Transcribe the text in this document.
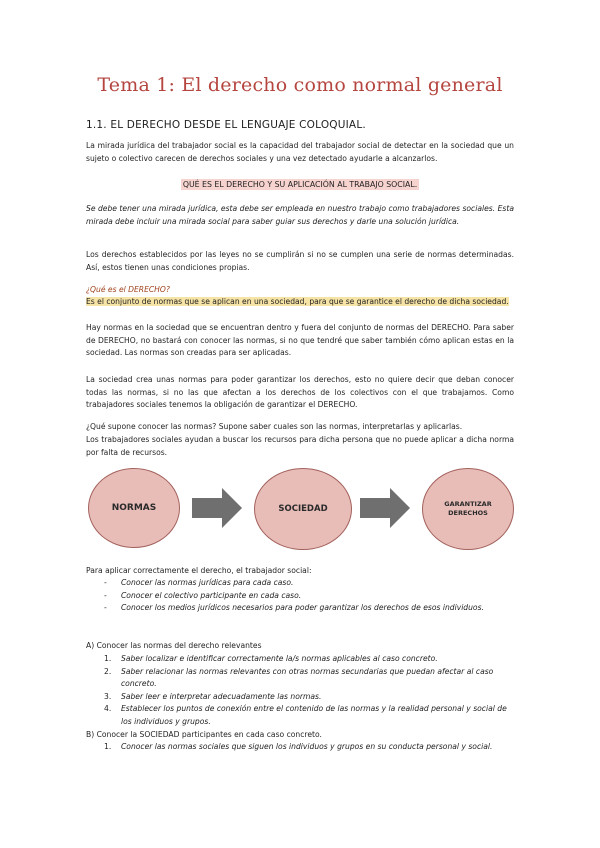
Tema 1: El derecho como normal general
1.1. EL DERECHO DESDE EL LENGUAJE COLOQUIAL.
La mirada jurídica del trabajador social es la capacidad del trabajador social de detectar en la sociedad que un sujeto o colectivo carecen de derechos sociales y una vez detectado ayudarle a alcanzarlos.
QUÉ ES EL DERECHO Y SU APLICACIÓN AL TRABAJO SOCIAL.
Se debe tener una mirada jurídica, esta debe ser empleada en nuestro trabajo como trabajadores sociales. Esta mirada debe incluir una mirada social para saber guiar sus derechos y darle una solución jurídica.
Los derechos establecidos por las leyes no se cumplirán si no se cumplen una serie de normas determinadas. Así, estos tienen unas condiciones propias.
¿Qué es el DERECHO?
Es el conjunto de normas que se aplican en una sociedad, para que se garantice el derecho de dicha sociedad.
Hay normas en la sociedad que se encuentran dentro y fuera del conjunto de normas del DERECHO. Para saber de DERECHO, no bastará con conocer las normas, si no que tendré que saber también cómo aplican estas en la sociedad. Las normas son creadas para ser aplicadas.
La sociedad crea unas normas para poder garantizar los derechos, esto no quiere decir que deban conocer todas las normas, si no las que afectan a los derechos de los colectivos con el que trabajamos. Como trabajadores sociales tenemos la obligación de garantizar el DERECHO.
¿Qué supone conocer las normas? Supone saber cuales son las normas, interpretarlas y aplicarlas.
Los trabajadores sociales ayudan a buscar los recursos para dicha persona que no puede aplicar a dicha norma por falta de recursos.
NORMAS	SOCIEDAD	GARANTIZAR
DERECHOS
Para aplicar correctamente el derecho, el trabajador social:
- Conocer las normas jurídicas para cada caso.
- Conocer el colectivo participante en cada caso.
- Conocer los medios jurídicos necesarios para poder garantizar los derechos de esos individuos.
A) Conocer las normas del derecho relevantes
1. Saber localizar e identificar correctamente la/s normas aplicables al caso concreto.
2. Saber relacionar las normas relevantes con otras normas secundarias que puedan afectar al caso concreto.
3. Saber leer e interpretar adecuadamente las normas.
4. Establecer los puntos de conexión entre el contenido de las normas y la realidad personal y social de los individuos y grupos.
B) Conocer la SOCIEDAD participantes en cada caso concreto.
1. Conocer las normas sociales que siguen los individuos y grupos en su conducta personal y social.
